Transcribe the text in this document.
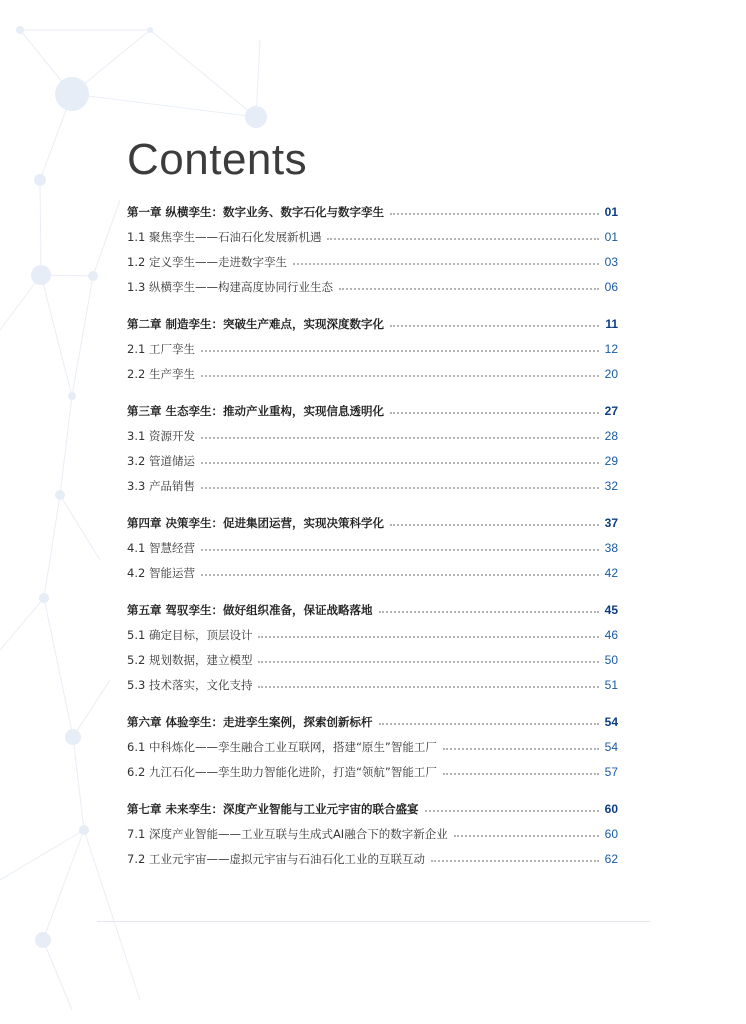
Contents
第一章 纵横孪生：数字业务、数字石化与数字孪生	01
1.1 聚焦孪生——石油石化发展新机遇	01
1.2 定义孪生——走进数字孪生	03
1.3 纵横孪生——构建高度协同行业生态	06
第二章 制造孪生：突破生产难点，实现深度数字化	11
2.1 工厂孪生	12
2.2 生产孪生	20
第三章 生态孪生：推动产业重构，实现信息透明化	27
3.1 资源开发	28
3.2 管道储运	29
3.3 产品销售	32
第四章 决策孪生：促进集团运营，实现决策科学化	37
4.1 智慧经营	38
4.2 智能运营	42
第五章 驾驭孪生：做好组织准备，保证战略落地	45
5.1 确定目标，顶层设计	46
5.2 规划数据，建立模型	50
5.3 技术落实，文化支持	51
第六章 体验孪生：走进孪生案例，探索创新标杆	54
6.1 中科炼化——孪生融合工业互联网，搭建“原生”智能工厂	54
6.2 九江石化——孪生助力智能化进阶，打造“领航”智能工厂	57
第七章 未来孪生：深度产业智能与工业元宇宙的联合盛宴	60
7.1 深度产业智能——工业互联与生成式AI融合下的数字新企业	60
7.2 工业元宇宙——虚拟元宇宙与石油石化工业的互联互动	62
